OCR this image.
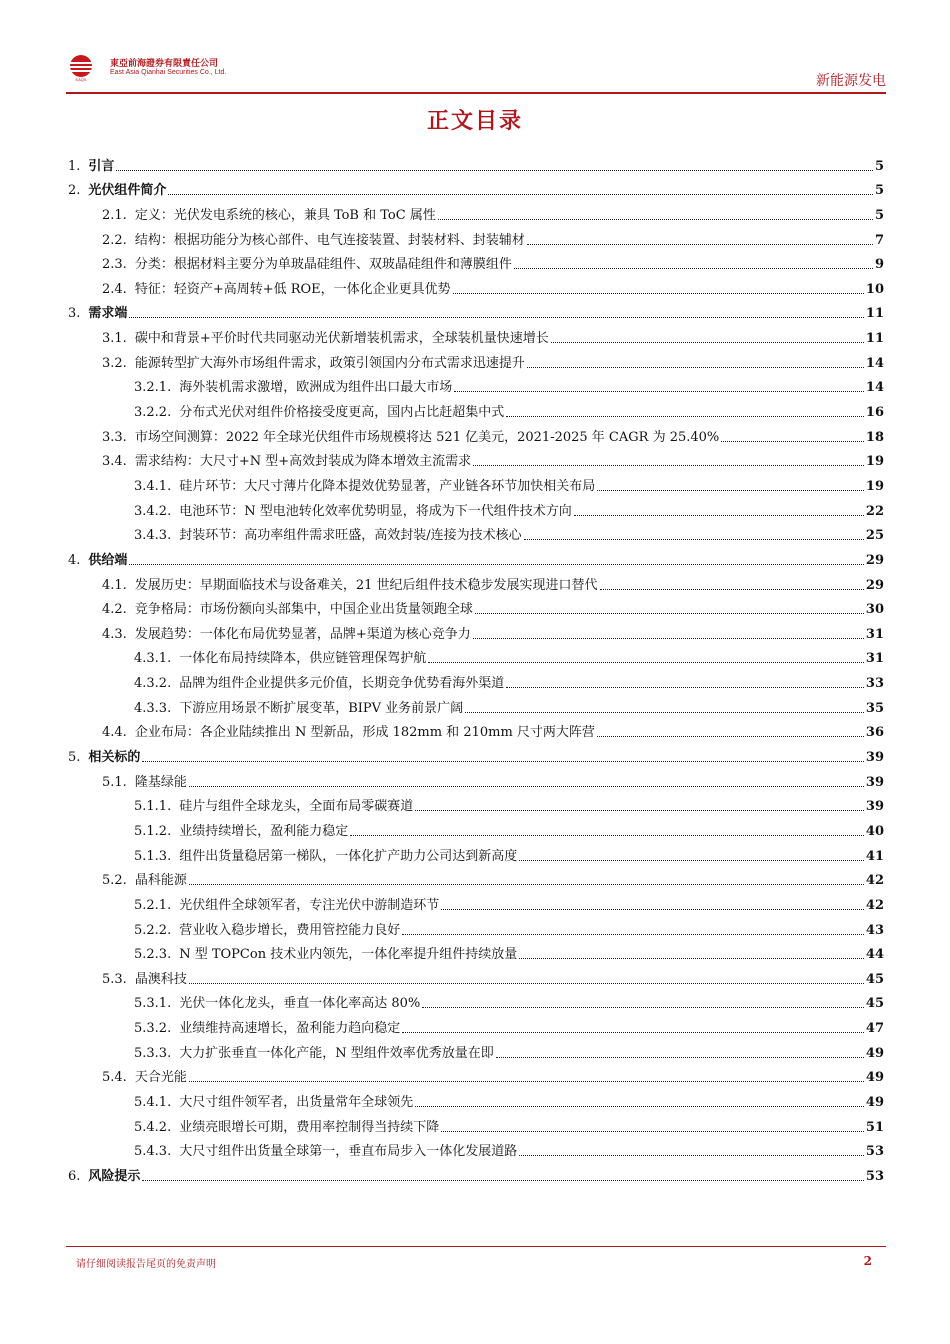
EAQS
東亞前海證券有限責任公司
East Asia Qianhai Securities Co., Ltd.
新能源发电
正文目录
1. 引言	5
2. 光伏组件简介	5
2.1. 定义：光伏发电系统的核心，兼具 ToB 和 ToC 属性	5
2.2. 结构：根据功能分为核心部件、电气连接装置、封装材料、封装辅材	7
2.3. 分类：根据材料主要分为单玻晶硅组件、双玻晶硅组件和薄膜组件	9
2.4. 特征：轻资产+高周转+低 ROE，一体化企业更具优势	10
3. 需求端	11
3.1. 碳中和背景+平价时代共同驱动光伏新增装机需求，全球装机量快速增长	11
3.2. 能源转型扩大海外市场组件需求，政策引领国内分布式需求迅速提升	14
3.2.1. 海外装机需求激增，欧洲成为组件出口最大市场	14
3.2.2. 分布式光伏对组件价格接受度更高，国内占比赶超集中式	16
3.3. 市场空间测算：2022 年全球光伏组件市场规模将达 521 亿美元，2021-2025 年 CAGR 为 25.40%	18
3.4. 需求结构：大尺寸+N 型+高效封装成为降本增效主流需求	19
3.4.1. 硅片环节：大尺寸薄片化降本提效优势显著，产业链各环节加快相关布局	19
3.4.2. 电池环节：N 型电池转化效率优势明显，将成为下一代组件技术方向	22
3.4.3. 封装环节：高功率组件需求旺盛，高效封装/连接为技术核心	25
4. 供给端	29
4.1. 发展历史：早期面临技术与设备难关，21 世纪后组件技术稳步发展实现进口替代	29
4.2. 竞争格局：市场份额向头部集中，中国企业出货量领跑全球	30
4.3. 发展趋势：一体化布局优势显著，品牌+渠道为核心竞争力	31
4.3.1. 一体化布局持续降本，供应链管理保驾护航	31
4.3.2. 品牌为组件企业提供多元价值，长期竞争优势看海外渠道	33
4.3.3. 下游应用场景不断扩展变革，BIPV 业务前景广阔	35
4.4. 企业布局：各企业陆续推出 N 型新品，形成 182mm 和 210mm 尺寸两大阵营	36
5. 相关标的	39
5.1. 隆基绿能	39
5.1.1. 硅片与组件全球龙头，全面布局零碳赛道	39
5.1.2. 业绩持续增长，盈利能力稳定	40
5.1.3. 组件出货量稳居第一梯队，一体化扩产助力公司达到新高度	41
5.2. 晶科能源	42
5.2.1. 光伏组件全球领军者，专注光伏中游制造环节	42
5.2.2. 营业收入稳步增长，费用管控能力良好	43
5.2.3. N 型 TOPCon 技术业内领先，一体化率提升组件持续放量	44
5.3. 晶澳科技	45
5.3.1. 光伏一体化龙头，垂直一体化率高达 80%	45
5.3.2. 业绩维持高速增长，盈利能力趋向稳定	47
5.3.3. 大力扩张垂直一体化产能，N 型组件效率优秀放量在即	49
5.4. 天合光能	49
5.4.1. 大尺寸组件领军者，出货量常年全球领先	49
5.4.2. 业绩亮眼增长可期，费用率控制得当持续下降	51
5.4.3. 大尺寸组件出货量全球第一，垂直布局步入一体化发展道路	53
6. 风险提示	53
请仔细阅读报告尾页的免责声明	2
